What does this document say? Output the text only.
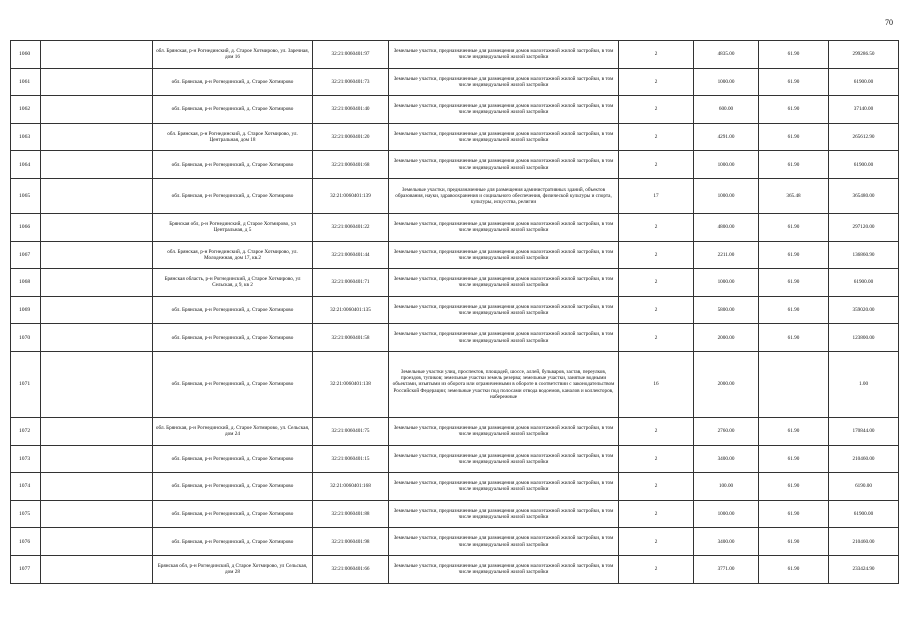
70
1060		обл. Брянская, р-н Рогнединский, д. Старое Хотмирово, ул. Заречная, дом 16	32:21:0060401:97	Земельные участки, предназначенные для размещения домов малоэтажной жилой застройки, в том числе индивидуальной жилой застройки	2	4835.00	61.90	299286.50
1061		обл. Брянская, р-н Рогнединский, д. Старое Хотмирово	32:21:0060401:73	Земельные участки, предназначенные для размещения домов малоэтажной жилой застройки, в том числе индивидуальной жилой застройки	2	1000.00	61.90	61900.00
1062		обл. Брянская, р-н Рогнединский, д. Старое Хотмирово	32:21:0060401:40	Земельные участки, предназначенные для размещения домов малоэтажной жилой застройки, в том числе индивидуальной жилой застройки	2	600.00	61.90	37140.00
1063		обл. Брянская, р-н Рогнединский, д. Старое Хотмирово, ул. Центральная, дом 18	32:21:0060401:20	Земельные участки, предназначенные для размещения домов малоэтажной жилой застройки, в том числе индивидуальной жилой застройки	2	4291.00	61.90	265612.90
1064		обл. Брянская, р-н Рогнединский, д. Старое Хотмирово	32:21:0060401:68	Земельные участки, предназначенные для размещения домов малоэтажной жилой застройки, в том числе индивидуальной жилой застройки	2	1000.00	61.90	61900.00
1065		обл. Брянская, р-н Рогнединский, д. Старое Хотмирово	32:21:0060401:139	Земельные участки, предназначенные для размещения административных зданий, объектов образования, науки, здравоохранения и социального обеспечения, физической культуры и спорта, культуры, искусства, религии	17	1000.00	365.48	365480.00
1066		Брянская обл, р-н Рогнединский, д Старое Хотмирово, ул Центральная, д 5	32:21:0060401:22	Земельные участки, предназначенные для размещения домов малоэтажной жилой застройки, в том числе индивидуальной жилой застройки	2	4800.00	61.90	297120.00
1067		обл. Брянская, р-н Рогнединский, д. Старое Хотмирово, ул. Молодежная, дом 17, кв.2	32:21:0060401:44	Земельные участки, предназначенные для размещения домов малоэтажной жилой застройки, в том числе индивидуальной жилой застройки	2	2211.00	61.90	136860.90
1068		Брянская область, р-н Рогнединский, д Старое Хотмирово, ул Сельская, д 9, кв 2	32:21:0060401:71	Земельные участки, предназначенные для размещения домов малоэтажной жилой застройки, в том числе индивидуальной жилой застройки	2	1000.00	61.90	61900.00
1069		обл. Брянская, р-н Рогнединский, д. Старое Хотмирово	32:21:0060401:135	Земельные участки, предназначенные для размещения домов малоэтажной жилой застройки, в том числе индивидуальной жилой застройки	2	5800.00	61.90	359020.00
1070		обл. Брянская, р-н Рогнединский, д. Старое Хотмирово	32:21:0060401:58	Земельные участки, предназначенные для размещения домов малоэтажной жилой застройки, в том числе индивидуальной жилой застройки	2	2000.00	61.90	123800.00
1071		обл. Брянская, р-н Рогнединский, д. Старое Хотмирово	32:21:0060401:138	Земельные участки улиц, проспектов, площадей, шоссе, аллей, бульваров, застав, переулков, проездов, тупиков; земельные участки земель резерва; земельные участки, занятые водными объектами, изъятыми из оборота или ограниченными в обороте в соответствии с законодательством Российской Федерации; земельные участки под полосами отвода водоемов, каналов и коллекторов, набережные	16	2000.00		1.00
1072		обл. Брянская, р-н Рогнединский, д. Старое Хотмирово, ул. Сельская, дом 24	32:21:0060401:75	Земельные участки, предназначенные для размещения домов малоэтажной жилой застройки, в том числе индивидуальной жилой застройки	2	2760.00	61.90	170844.00
1073		обл. Брянская, р-н Рогнединский, д. Старое Хотмирово	32:21:0060401:15	Земельные участки, предназначенные для размещения домов малоэтажной жилой застройки, в том числе индивидуальной жилой застройки	2	3400.00	61.90	210460.00
1074		обл. Брянская, р-н Рогнединский, д. Старое Хотмирово	32:21:0060401:168	Земельные участки, предназначенные для размещения домов малоэтажной жилой застройки, в том числе индивидуальной жилой застройки	2	100.00	61.90	6190.00
1075		обл. Брянская, р-н Рогнединский, д. Старое Хотмирово	32:21:0060401:88	Земельные участки, предназначенные для размещения домов малоэтажной жилой застройки, в том числе индивидуальной жилой застройки	2	1000.00	61.90	61900.00
1076		обл. Брянская, р-н Рогнединский, д. Старое Хотмирово	32:21:0060401:98	Земельные участки, предназначенные для размещения домов малоэтажной жилой застройки, в том числе индивидуальной жилой застройки	2	3400.00	61.90	210460.00
1077		Брянская обл, р-н Рогнединский, д Старое Хотмирово, ул Сельская, дом 28	32:21:0060401:66	Земельные участки, предназначенные для размещения домов малоэтажной жилой застройки, в том числе индивидуальной жилой застройки	2	3771.00	61.90	233424.90
